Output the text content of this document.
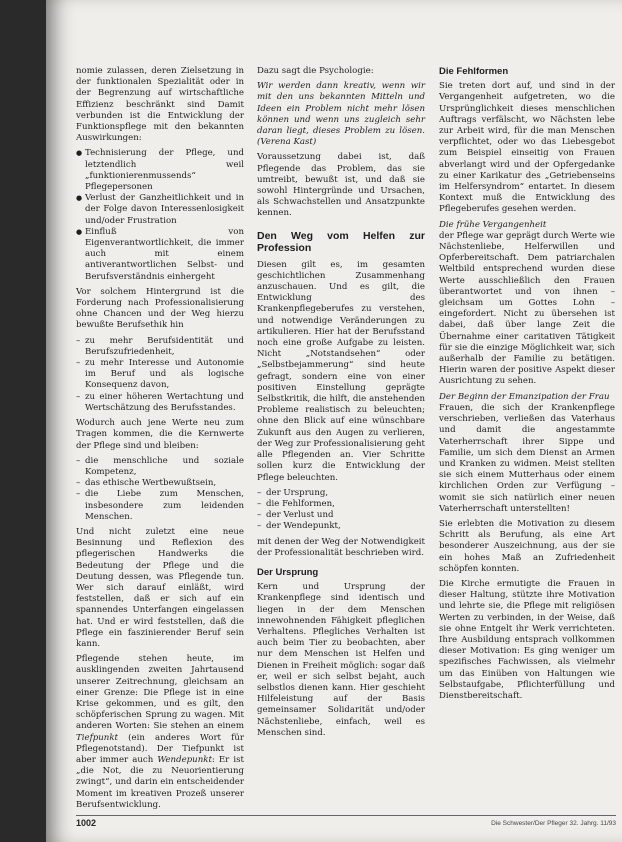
nomie zulassen, deren Zielsetzung in der funktionalen Spezialität oder in der Begrenzung auf wirtschaftliche Effizienz beschränkt sind Damit verbunden ist die Entwicklung der Funktionspflege mit den bekannten Auswirkungen:

● Technisierung der Pflege, und letztendlich weil „funktionierenmussends“ Pflegepersonen
● Verlust der Ganzheitlichkeit und in der Folge davon Interessenlosigkeit und/oder Frustration
● Einfluß von Eigenverantwortlichkeit, die immer auch mit einem antiverantwortlichen Selbst- und Berufsverständnis einhergeht

Vor solchem Hintergrund ist die Forderung nach Professionalisierung ohne Chancen und der Weg hierzu bewußte Berufsethik hin

– zu mehr Berufsidentität und Berufszufriedenheit,
– zu mehr Interesse und Autonomie im Beruf und als logische Konsequenz davon,
– zu einer höheren Wertachtung und Wertschätzung des Berufsstandes.

Wodurch auch jene Werte neu zum Tragen kommen, die die Kernwerte der Pflege sind und bleiben:

– die menschliche und soziale Kompetenz,
– das ethische Wertbewußtsein,
– die Liebe zum Menschen, insbesondere zum leidenden Menschen.

Und nicht zuletzt eine neue Besinnung und Reflexion des pflegerischen Handwerks die Bedeutung der Pflege und die Deutung dessen, was Pflegende tun. Wer sich darauf einläßt, wird feststellen, daß er sich auf ein spannendes Unterfangen eingelassen hat. Und er wird feststellen, daß die Pflege ein faszinierender Beruf sein kann.

Pflegende stehen heute, im ausklingenden zweiten Jahrtausend unserer Zeitrechnung, gleichsam an einer Grenze: Die Pflege ist in eine Krise gekommen, und es gilt, den schöpferischen Sprung zu wagen. Mit anderen Worten: Sie stehen an einem Tiefpunkt (ein anderes Wort für Pflegenotstand). Der Tiefpunkt ist aber immer auch Wendepunkt: Er ist „die Not, die zu Neuorientierung zwingt“, und darin ein entscheidender Moment im kreativen Prozeß unserer Berufsentwicklung.

Dazu sagt die Psychologie:

Wir werden dann kreativ, wenn wir mit den uns bekannten Mitteln und Ideen ein Problem nicht mehr lösen können und wenn uns zugleich sehr daran liegt, dieses Problem zu lösen. (Verena Kast)

Voraussetzung dabei ist, daß Pflegende das Problem, das sie umtreibt, bewußt ist, und daß sie sowohl Hintergründe und Ursachen, als Schwachstellen und Ansatzpunkte kennen.

Den Weg vom Helfen zur Profession

Diesen gilt es, im gesamten geschichtlichen Zusammenhang anzuschauen. Und es gilt, die Entwicklung des Krankenpflegeberufes zu verstehen, und notwendige Veränderungen zu artikulieren. Hier hat der Berufsstand noch eine große Aufgabe zu leisten. Nicht „Notstandsehen“ oder „Selbstbejammerung“ sind heute gefragt, sondern eine von einer positiven Einstellung geprägte Selbstkritik, die hilft, die anstehenden Probleme realistisch zu beleuchten; ohne den Blick auf eine wünschbare Zukunft aus den Augen zu verlieren, der Weg zur Professionalisierung geht alle Pflegenden an. Vier Schritte sollen kurz die Entwicklung der Pflege beleuchten.

– der Ursprung,
– die Fehlformen,
– der Verlust und
– der Wendepunkt,

mit denen der Weg der Notwendigkeit der Professionalität beschrieben wird.

Der Ursprung

Kern und Ursprung der Krankenpflege sind identisch und liegen in der dem Menschen innewohnenden Fähigkeit pfleglichen Verhaltens. Pflegliches Verhalten ist auch beim Tier zu beobachten, aber nur dem Menschen ist Helfen und Dienen in Freiheit möglich: sogar daß er, weil er sich selbst bejaht, auch selbstlos dienen kann. Hier geschieht Hilfeleistung auf der Basis gemeinsamer Solidarität und/oder Nächstenliebe, einfach, weil es Menschen sind.

Die Fehlformen

Sie treten dort auf, und sind in der Vergangenheit aufgetreten, wo die Ursprünglichkeit dieses menschlichen Auftrags verfälscht, wo Nächsten lebe zur Arbeit wird, für die man Menschen verpflichtet, oder wo das Liebesgebot zum Beispiel einseitig von Frauen abverlangt wird und der Opfergedanke zu einer Karikatur des „Getriebenseins im Helfersyndrom“ entartet. In diesem Kontext muß die Entwicklung des Pflegeberufes gesehen werden.

Die frühe Vergangenheit

der Pflege war geprägt durch Werte wie Nächstenliebe, Helferwillen und Opferbereitschaft. Dem patriarchalen Weltbild entsprechend wurden diese Werte ausschließlich den Frauen überantwortet und von ihnen – gleichsam um Gottes Lohn – eingefordert. Nicht zu übersehen ist dabei, daß über lange Zeit die Übernahme einer caritativen Tätigkeit für sie die einzige Möglichkeit war, sich außerhalb der Familie zu betätigen. Hierin waren der positive Aspekt dieser Ausrichtung zu sehen.

Der Beginn der Emanzipation der Frau

Frauen, die sich der Krankenpflege verschrieben, verließen das Vaterhaus und damit die angestammte Vaterherrschaft ihrer Sippe und Familie, um sich dem Dienst an Armen und Kranken zu widmen. Meist stellten sie sich einem Mutterhaus oder einem kirchlichen Orden zur Verfügung – womit sie sich natürlich einer neuen Vaterherrschaft unterstellten!

Sie erlebten die Motivation zu diesem Schritt als Berufung, als eine Art besonderer Auszeichnung, aus der sie ein hohes Maß an Zufriedenheit schöpfen konnten.

Die Kirche ermutigte die Frauen in dieser Haltung, stützte ihre Motivation und lehrte sie, die Pflege mit religiösen Werten zu verbinden, in der Weise, daß sie ohne Entgelt ihr Werk verrichteten. Ihre Ausbildung entsprach vollkommen dieser Motivation: Es ging weniger um spezifisches Fachwissen, als vielmehr um das Einüben von Haltungen wie Selbstaufgabe, Pflichterfüllung und Dienstbereitschaft.

1002	Die Schwester/Der Pfleger 32. Jahrg. 11/93
